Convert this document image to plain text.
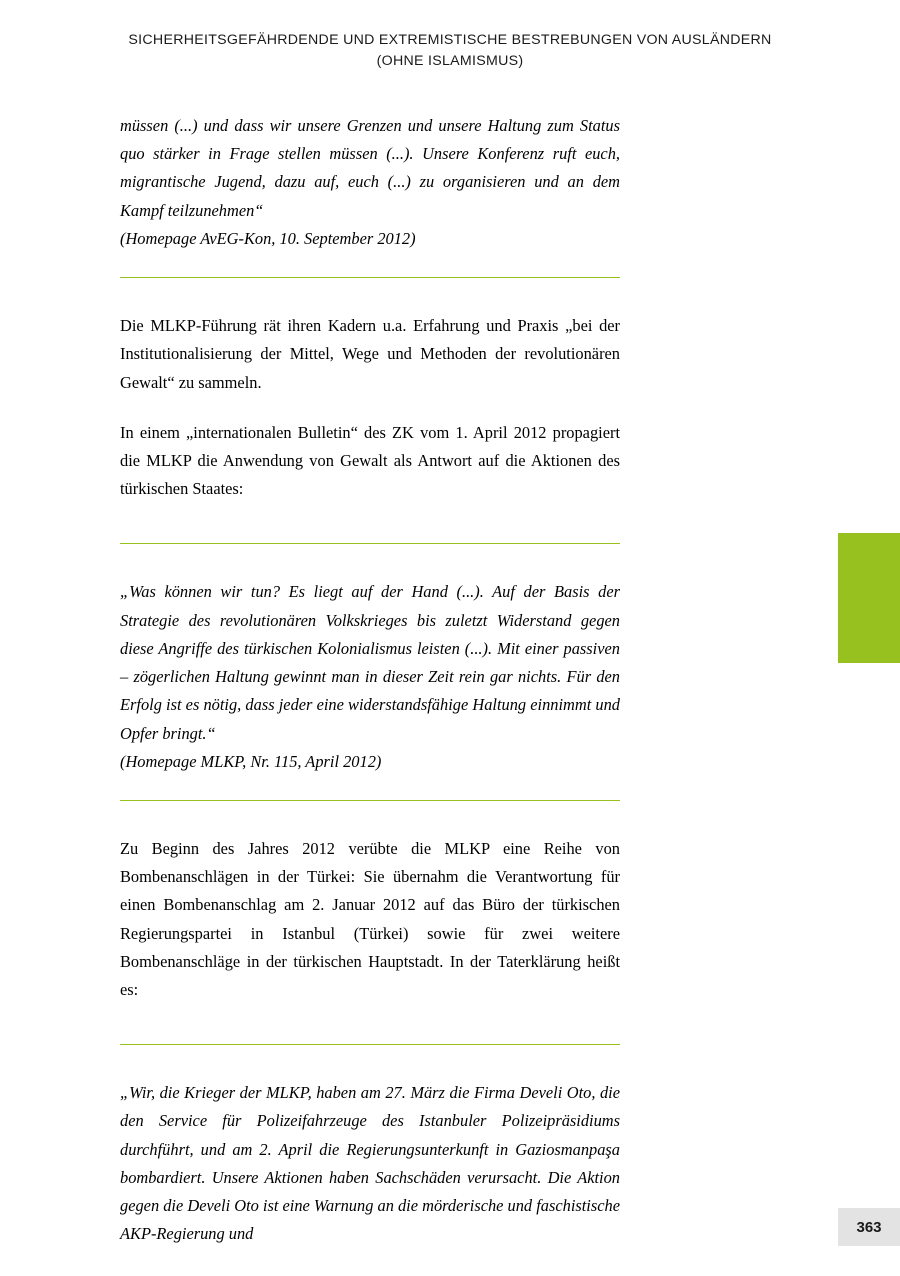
SICHERHEITSGEFÄHRDENDE UND EXTREMISTISCHE BESTREBUNGEN VON AUSLÄNDERN
(OHNE ISLAMISMUS)

müssen (...) und dass wir unsere Grenzen und unsere Haltung zum Status quo stärker in Frage stellen müssen (...). Unsere Konferenz ruft euch, migrantische Jugend, dazu auf, euch (...) zu organisieren und an dem Kampf teilzunehmen“

(Homepage AvEG-Kon, 10. September 2012)

Die MLKP-Führung rät ihren Kadern u.a. Erfahrung und Praxis „bei der Institutionalisierung der Mittel, Wege und Methoden der revolutionären Gewalt“ zu sammeln.

In einem „internationalen Bulletin“ des ZK vom 1. April 2012 propagiert die MLKP die Anwendung von Gewalt als Antwort auf die Aktionen des türkischen Staates:

„Was können wir tun? Es liegt auf der Hand (...). Auf der Basis der Strategie des revolutionären Volkskrieges bis zuletzt Widerstand gegen diese Angriffe des türkischen Kolonialismus leisten (...). Mit einer passiven – zögerlichen Haltung gewinnt man in dieser Zeit rein gar nichts. Für den Erfolg ist es nötig, dass jeder eine widerstandsfähige Haltung einnimmt und Opfer bringt.“

(Homepage MLKP, Nr. 115, April 2012)

Zu Beginn des Jahres 2012 verübte die MLKP eine Reihe von Bombenanschlägen in der Türkei: Sie übernahm die Verantwortung für einen Bombenanschlag am 2. Januar 2012 auf das Büro der türkischen Regierungspartei in Istanbul (Türkei) sowie für zwei weitere Bombenanschläge in der türkischen Hauptstadt. In der Taterklärung heißt es:

„Wir, die Krieger der MLKP, haben am 27. März die Firma Develi Oto, die den Service für Polizeifahrzeuge des Istanbuler Polizeipräsidiums durchführt, und am 2. April die Regierungsunterkunft in Gaziosmanpaşa bombardiert. Unsere Aktionen haben Sachschäden verursacht. Die Aktion gegen die Develi Oto ist eine Warnung an die mörderische und faschistische AKP-Regierung und	363
